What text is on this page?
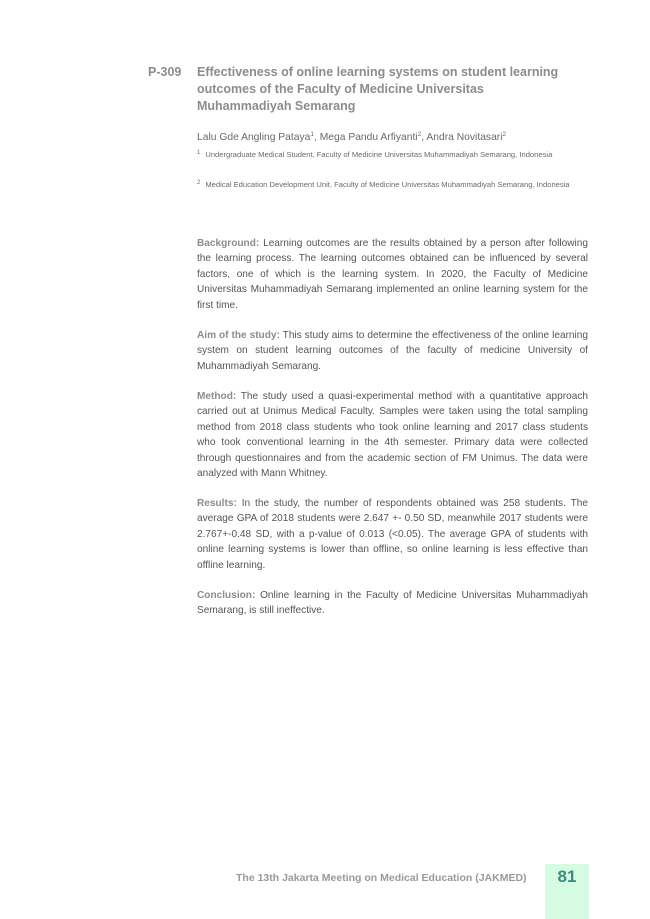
P-309	Effectiveness of online learning systems on student learning outcomes of the Faculty of Medicine Universitas Muhammadiyah Semarang
Lalu Gde Angling Pataya$^1$, Mega Pandu Arfiyanti$^2$, Andra Novitasari$^2$
$^1$ Undergraduate Medical Student, Faculty of Medicine Universitas Muhammadiyah Semarang, Indonesia
$^2$ Medical Education Development Unit, Faculty of Medicine Universitas Muhammadiyah Semarang, Indonesia
Background: Learning outcomes are the results obtained by a person after following the learning process. The learning outcomes obtained can be influenced by several factors, one of which is the learning system. In 2020, the Faculty of Medicine Universitas Muhammadiyah Semarang implemented an online learning system for the first time.
Aim of the study: This study aims to determine the effectiveness of the online learning system on student learning outcomes of the faculty of medicine University of Muhammadiyah Semarang.
Method: The study used a quasi-experimental method with a quantitative approach carried out at Unimus Medical Faculty. Samples were taken using the total sampling method from 2018 class students who took online learning and 2017 class students who took conventional learning in the 4th semester. Primary data were collected through questionnaires and from the academic section of FM Unimus. The data were analyzed with Mann Whitney.
Results: In the study, the number of respondents obtained was 258 students. The average GPA of 2018 students were 2.647 +- 0.50 SD, meanwhile 2017 students were 2.767+-0.48 SD, with a p-value of 0.013 (<0.05). The average GPA of students with online learning systems is lower than offline, so online learning is less effective than offline learning.
Conclusion: Online learning in the Faculty of Medicine Universitas Muhammadiyah Semarang, is still ineffective.
The 13th Jakarta Meeting on Medical Education (JAKMED)	81
